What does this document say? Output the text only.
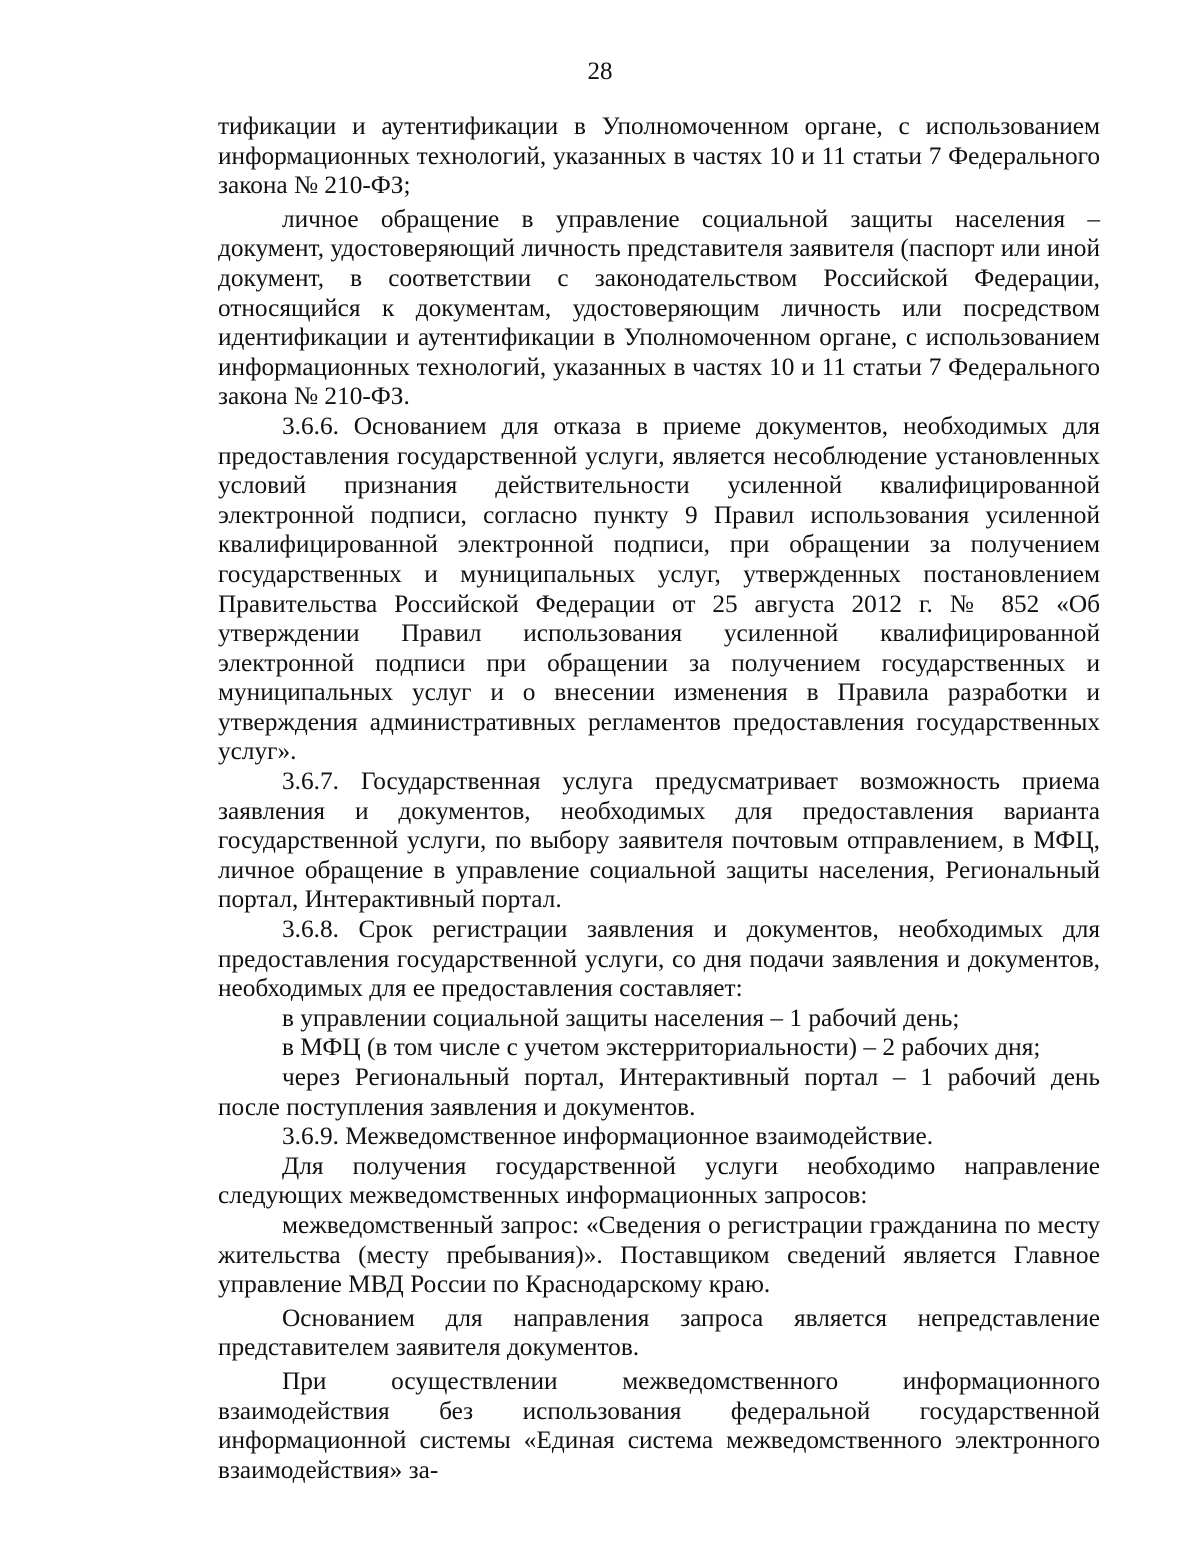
28

тификации и аутентификации в Уполномоченном органе, с использованием информационных технологий, указанных в частях 10 и 11 статьи 7 Федерального закона № 210-ФЗ;

личное обращение в управление социальной защиты населения – документ, удостоверяющий личность представителя заявителя (паспорт или иной документ, в соответствии с законодательством Российской Федерации, относящийся к документам, удостоверяющим личность или посредством идентификации и аутентификации в Уполномоченном органе, с использованием информационных технологий, указанных в частях 10 и 11 статьи 7 Федерального закона № 210-ФЗ.

3.6.6. Основанием для отказа в приеме документов, необходимых для предоставления государственной услуги, является несоблюдение установленных условий признания действительности усиленной квалифицированной электронной подписи, согласно пункту 9 Правил использования усиленной квалифицированной электронной подписи, при обращении за получением государственных и муниципальных услуг, утвержденных постановлением Правительства Российской Федерации от 25 августа 2012 г. № 852 «Об утверждении Правил использования усиленной квалифицированной электронной подписи при обращении за получением государственных и муниципальных услуг и о внесении изменения в Правила разработки и утверждения административных регламентов предоставления государственных услуг».

3.6.7. Государственная услуга предусматривает возможность приема заявления и документов, необходимых для предоставления варианта государственной услуги, по выбору заявителя почтовым отправлением, в МФЦ, личное обращение в управление социальной защиты населения, Региональный портал, Интерактивный портал.

3.6.8. Срок регистрации заявления и документов, необходимых для предоставления государственной услуги, со дня подачи заявления и документов, необходимых для ее предоставления составляет:

в управлении социальной защиты населения – 1 рабочий день;

в МФЦ (в том числе с учетом экстерриториальности) – 2 рабочих дня;

через Региональный портал, Интерактивный портал – 1 рабочий день после поступления заявления и документов.

3.6.9. Межведомственное информационное взаимодействие.

Для получения государственной услуги необходимо направление следующих межведомственных информационных запросов:

межведомственный запрос: «Сведения о регистрации гражданина по месту жительства (месту пребывания)». Поставщиком сведений является Главное управление МВД России по Краснодарскому краю.

Основанием для направления запроса является непредставление представителем заявителя документов.

При осуществлении межведомственного информационного взаимодействия без использования федеральной государственной информационной системы «Единая система межведомственного электронного взаимодействия» за-
